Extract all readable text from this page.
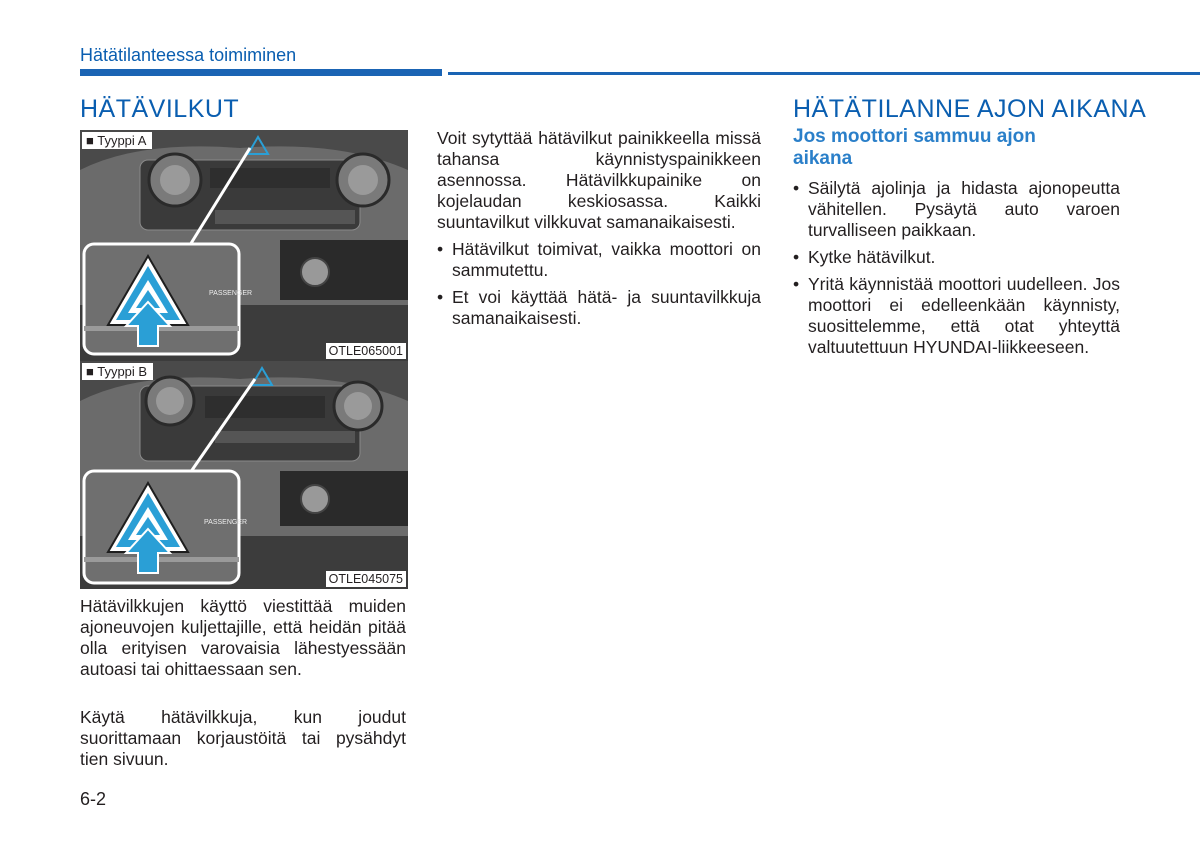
Hätätilanteessa toimiminen
HÄTÄVILKUT
PASSENGER
■ Tyyppi A
OTLE065001
PASSENGER
■ Tyyppi B
OTLE045075

Hätävilkkujen käyttö viestittää muiden ajoneuvojen kuljettajille, että heidän pitää olla erityisen varovaisia lähestyessään autoasi tai ohittaessaan sen.

Käytä hätävilkkuja, kun joudut suorittamaan korjaustöitä tai pysähdyt tien sivuun.

Voit sytyttää hätävilkut painikkeella missä tahansa käynnistyspainikkeen asennossa. Hätävilkkupainike on kojelaudan keskiosassa. Kaikki suuntavilkut vilkkuvat samanaikaisesti.

• Hätävilkut toimivat, vaikka moottori on sammutettu.
• Et voi käyttää hätä- ja suuntavilkkuja samanaikaisesti.
HÄTÄTILANNE AJON AIKANA
Jos moottori sammuu ajon aikana
• Säilytä ajolinja ja hidasta ajonopeutta vähitellen. Pysäytä auto varoen turvalliseen paikkaan.
• Kytke hätävilkut.
• Yritä käynnistää moottori uudelleen. Jos moottori ei edelleenkään käynnisty, suosittelemme, että otat yhteyttä valtuutettuun HYUNDAI-liikkeeseen.
6-2
